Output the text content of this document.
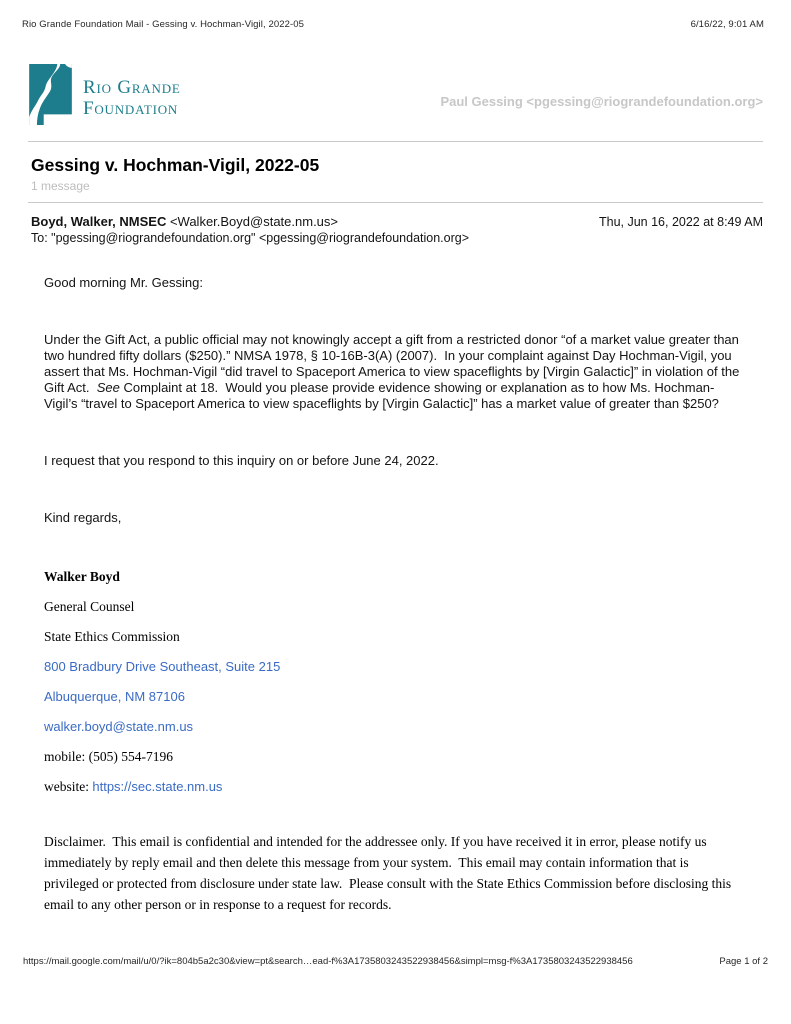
Rio Grande Foundation Mail - Gessing v. Hochman-Vigil, 2022-05	6/16/22, 9:01 AM
Rio Grande
Foundation	Paul Gessing <pgessing@riograndefoundation.org>
Gessing v. Hochman-Vigil, 2022-05
1 message
Boyd, Walker, NMSEC <Walker.Boyd@state.nm.us>	Thu, Jun 16, 2022 at 8:49 AM
To: "pgessing@riograndefoundation.org" <pgessing@riograndefoundation.org>

Good morning Mr. Gessing:

Under the Gift Act, a public official may not knowingly accept a gift from a restricted donor “of a market value greater than two hundred fifty dollars ($250).” NMSA 1978, § 10-16B-3(A) (2007).  In your complaint against Day Hochman-Vigil, you assert that Ms. Hochman-Vigil “did travel to Spaceport America to view spaceflights by [Virgin Galactic]” in violation of the Gift Act.  See Complaint at 18.  Would you please provide evidence showing or explanation as to how Ms. Hochman-Vigil’s “travel to Spaceport America to view spaceflights by [Virgin Galactic]” has a market value of greater than $250?

I request that you respond to this inquiry on or before June 24, 2022.

Kind regards,

Walker Boyd
General Counsel
State Ethics Commission
800 Bradbury Drive Southeast, Suite 215
Albuquerque, NM 87106
walker.boyd@state.nm.us
mobile: (505) 554-7196
website: https://sec.state.nm.us
Disclaimer.  This email is confidential and intended for the addressee only. If you have received it in error, please notify us immediately by reply email and then delete this message from your system.  This email may contain information that is privileged or protected from disclosure under state law.  Please consult with the State Ethics Commission before disclosing this email to any other person or in response to a request for records.
https://mail.google.com/mail/u/0/?ik=804b5a2c30&view=pt&search…ead-f%3A1735803243522938456&simpl=msg-f%3A1735803243522938456	Page 1 of 2
